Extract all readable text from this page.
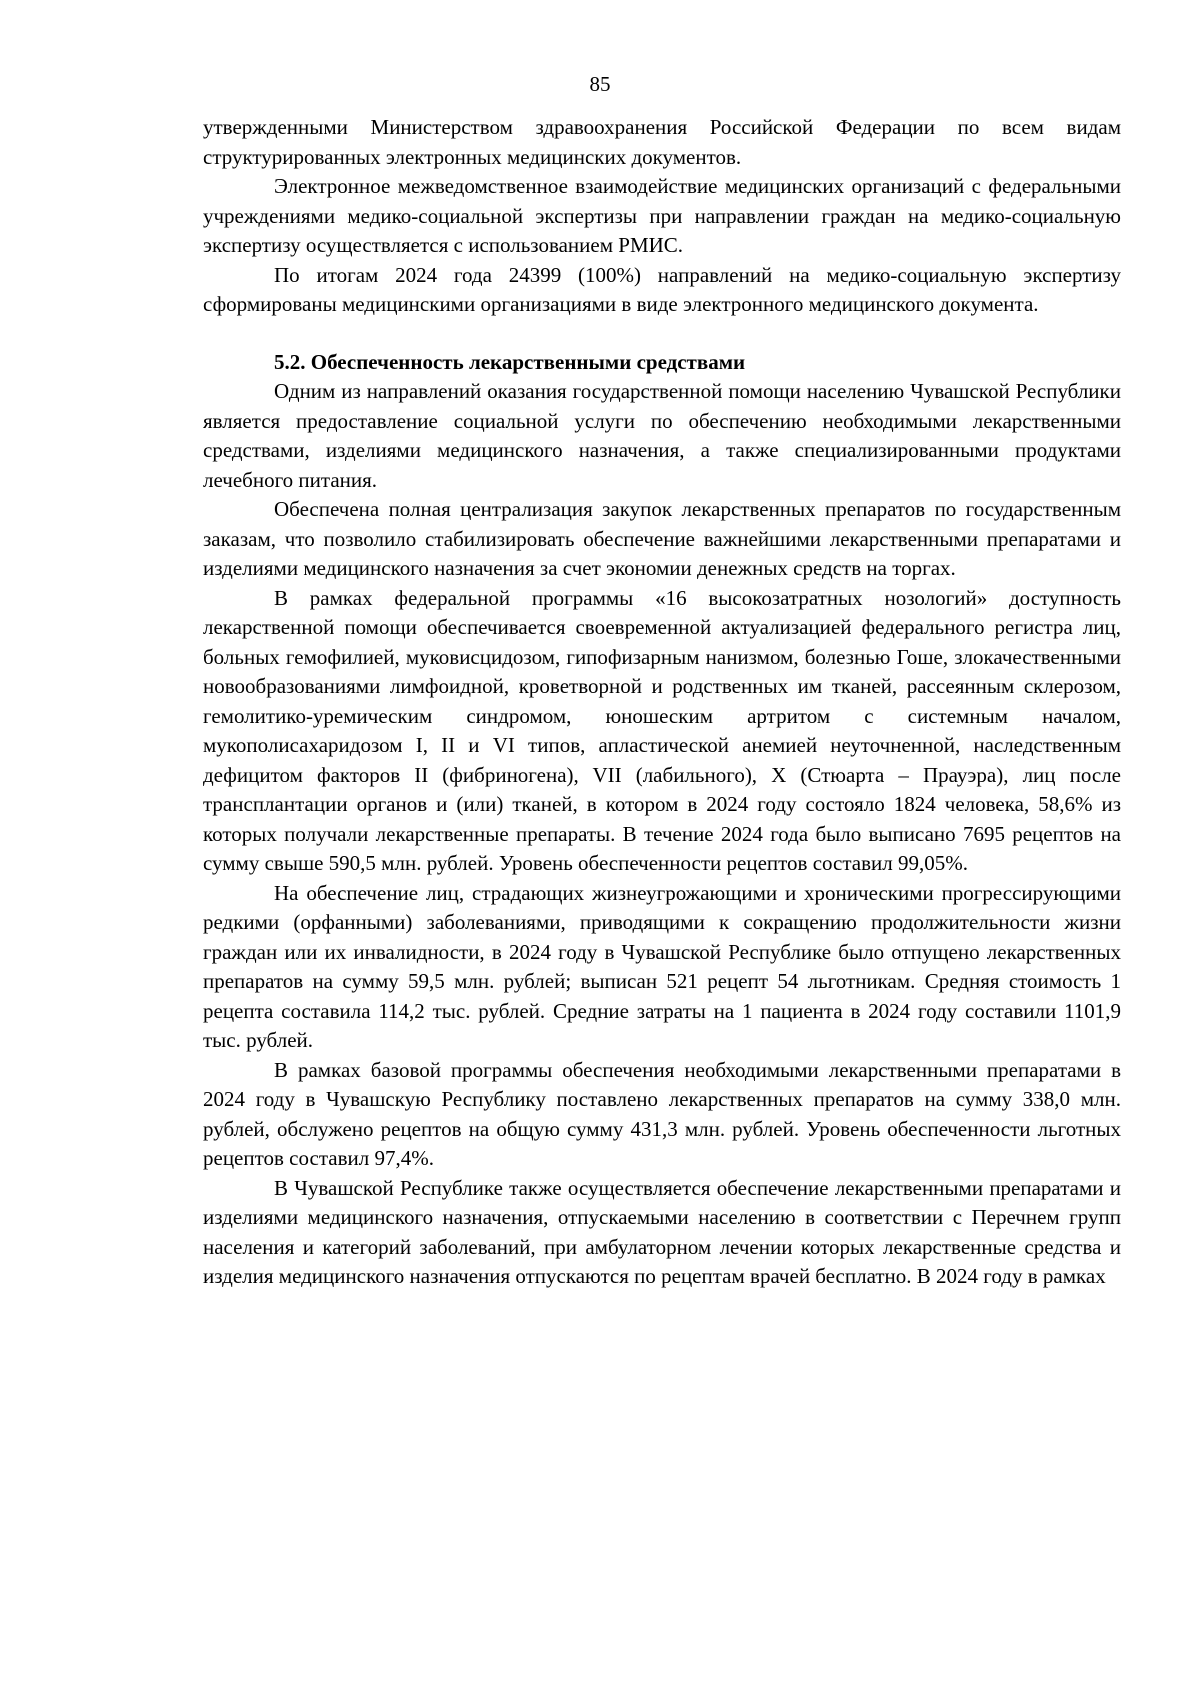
85

утвержденными Министерством здравоохранения Российской Федерации по всем видам структурированных электронных медицинских документов.

Электронное межведомственное взаимодействие медицинских организаций с федеральными учреждениями медико-социальной экспертизы при направлении граждан на медико-социальную экспертизу осуществляется с использованием РМИС.

По итогам 2024 года 24399 (100%) направлений на медико-социальную экспертизу сформированы медицинскими организациями в виде электронного медицинского документа.

5.2. Обеспеченность лекарственными средствами

Одним из направлений оказания государственной помощи населению Чувашской Республики является предоставление социальной услуги по обеспечению необходимыми лекарственными средствами, изделиями медицинского назначения, а также специализированными продуктами лечебного питания.

Обеспечена полная централизация закупок лекарственных препаратов по государственным заказам, что позволило стабилизировать обеспечение важнейшими лекарственными препаратами и изделиями медицинского назначения за счет экономии денежных средств на торгах.

В рамках федеральной программы «16 высокозатратных нозологий» доступность лекарственной помощи обеспечивается своевременной актуализацией федерального регистра лиц, больных гемофилией, муковисцидозом, гипофизарным нанизмом, болезнью Гоше, злокачественными новообразованиями лимфоидной, кроветворной и родственных им тканей, рассеянным склерозом, гемолитико-уремическим синдромом, юношеским артритом с системным началом, мукополисахаридозом I, II и VI типов, апластической анемией неуточненной, наследственным дефицитом факторов II (фибриногена), VII (лабильного), X (Стюарта – Прауэра), лиц после трансплантации органов и (или) тканей, в котором в 2024 году состояло 1824 человека, 58,6% из которых получали лекарственные препараты. В течение 2024 года было выписано 7695 рецептов на сумму свыше 590,5 млн. рублей. Уровень обеспеченности рецептов составил 99,05%.

На обеспечение лиц, страдающих жизнеугрожающими и хроническими прогрессирующими редкими (орфанными) заболеваниями, приводящими к сокращению продолжительности жизни граждан или их инвалидности, в 2024 году в Чувашской Республике было отпущено лекарственных препаратов на сумму 59,5 млн. рублей; выписан 521 рецепт 54 льготникам. Средняя стоимость 1 рецепта составила 114,2 тыс. рублей. Средние затраты на 1 пациента в 2024 году составили 1101,9 тыс. рублей.

В рамках базовой программы обеспечения необходимыми лекарственными препаратами в 2024 году в Чувашскую Республику поставлено лекарственных препаратов на сумму 338,0 млн. рублей, обслужено рецептов на общую сумму 431,3 млн. рублей. Уровень обеспеченности льготных рецептов составил 97,4%.

В Чувашской Республике также осуществляется обеспечение лекарственными препаратами и изделиями медицинского назначения, отпускаемыми населению в соответствии с Перечнем групп населения и категорий заболеваний, при амбулаторном лечении которых лекарственные средства и изделия медицинского назначения отпускаются по рецептам врачей бесплатно. В 2024 году в рамках
